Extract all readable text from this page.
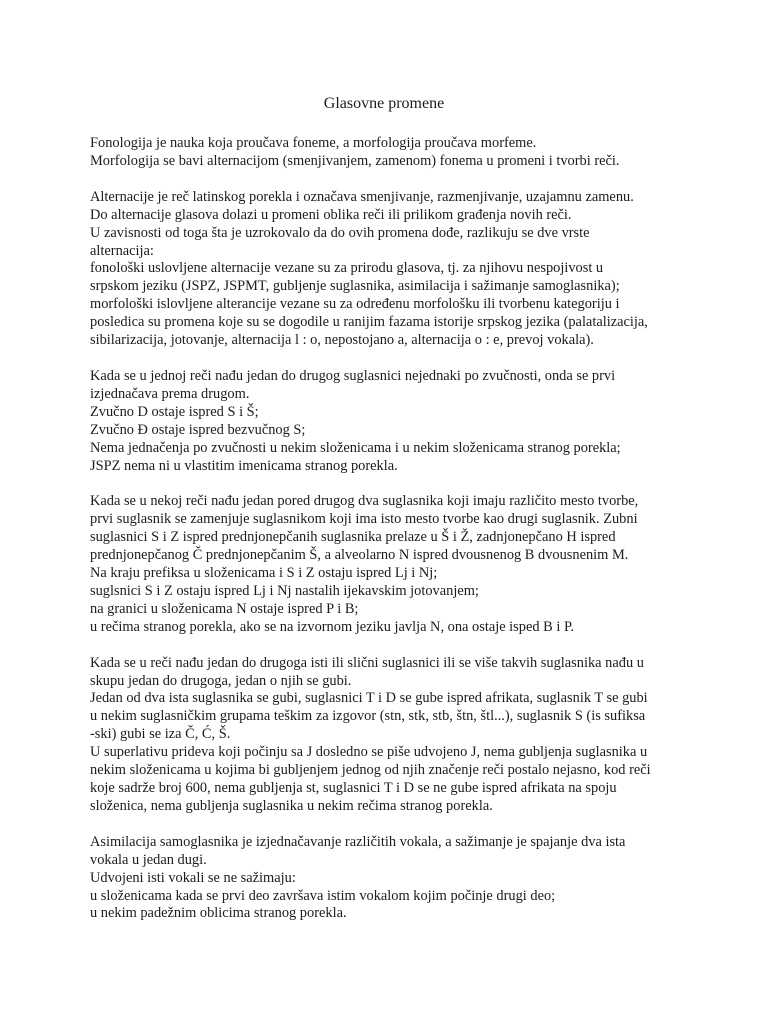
Glasovne promene
Fonologija je nauka koja proučava foneme, a morfologija proučava morfeme.
Morfologija se bavi alternacijom (smenjivanjem, zamenom) fonema u promeni i tvorbi reči.
Alternacije je reč latinskog porekla i označava smenjivanje, razmenjivanje, uzajamnu zamenu.
Do alternacije glasova dolazi u promeni oblika reči ili prilikom građenja novih reči.
U zavisnosti od toga šta je uzrokovalo da do ovih promena dođe, razlikuju se dve vrste
alternacija:
fonološki uslovljene alternacije vezane su za prirodu glasova, tj. za njihovu nespojivost u
srpskom jeziku (JSPZ, JSPMT, gubljenje suglasnika, asimilacija i sažimanje samoglasnika);
morfološki islovljene alterancije vezane su za određenu morfološku ili tvorbenu kategoriju i
posledica su promena koje su se dogodile u ranijim fazama istorije srpskog jezika (palatalizacija,
sibilarizacija, jotovanje, alternacija l : o, nepostojano a, alternacija o : e, prevoj vokala).
Kada se u jednoj reči nađu jedan do drugog suglasnici nejednaki po zvučnosti, onda se prvi
izjednačava prema drugom.
Zvučno D ostaje ispred S i Š;
Zvučno Đ ostaje ispred bezvučnog S;
Nema jednačenja po zvučnosti u nekim složenicama i u nekim složenicama stranog porekla;
JSPZ nema ni u vlastitim imenicama stranog porekla.
Kada se u nekoj reči nađu jedan pored drugog dva suglasnika koji imaju različito mesto tvorbe,
prvi suglasnik se zamenjuje suglasnikom koji ima isto mesto tvorbe kao drugi suglasnik. Zubni
suglasnici S i Z ispred prednjonepčanih suglasnika prelaze u Š i Ž, zadnjonepčano H ispred
prednjonepčanog Č prednjonepčanim Š, a alveolarno N ispred dvousnenog B dvousnenim M.
Na kraju prefiksa u složenicama i S i Z ostaju ispred Lj i Nj;
suglsnici S i Z ostaju ispred Lj i Nj nastalih ijekavskim jotovanjem;
na granici u složenicama N ostaje ispred P i B;
u rečima stranog porekla, ako se na izvornom jeziku javlja N, ona ostaje isped B i P.
Kada se u reči nađu jedan do drugoga isti ili slični suglasnici ili se više takvih suglasnika nađu u
skupu jedan do drugoga, jedan o njih se gubi.
Jedan od dva ista suglasnika se gubi, suglasnici T i D se gube ispred afrikata, suglasnik T se gubi
u nekim suglasničkim grupama teškim za izgovor (stn, stk, stb, štn, štl...), suglasnik S (is sufiksa
-ski) gubi se iza Č, Ć, Š.
U superlativu prideva koji počinju sa J dosledno se piše udvojeno J, nema gubljenja suglasnika u
nekim složenicama u kojima bi gubljenjem jednog od njih značenje reči postalo nejasno, kod reči
koje sadrže broj 600, nema gubljenja st, suglasnici T i D se ne gube ispred afrikata na spoju
složenica, nema gubljenja suglasnika u nekim rečima stranog porekla.
Asimilacija samoglasnika je izjednačavanje različitih vokala, a sažimanje je spajanje dva ista
vokala u jedan dugi.
Udvojeni isti vokali se ne sažimaju:
u složenicama kada se prvi deo završava istim vokalom kojim počinje drugi deo;
u nekim padežnim oblicima stranog porekla.
